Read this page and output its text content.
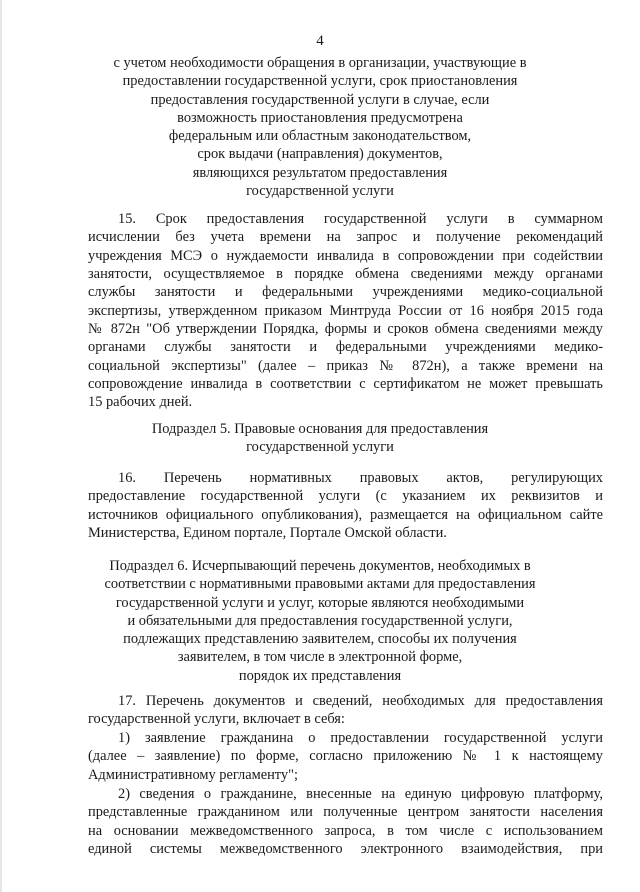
4
с учетом необходимости обращения в организации, участвующие в
предоставлении государственной услуги, срок приостановления
предоставления государственной услуги в случае, если
возможность приостановления предусмотрена
федеральным или областным законодательством,
срок выдачи (направления) документов,
являющихся результатом предоставления
государственной услуги
15. Срок предоставления государственной услуги в суммарном
исчислении без учета времени на запрос и получение рекомендаций
учреждения МСЭ о нуждаемости инвалида в сопровождении при содействии
занятости, осуществляемое в порядке обмена сведениями между органами
службы занятости и федеральными учреждениями медико-социальной
экспертизы, утвержденном приказом Минтруда России от 16 ноября 2015 года
№ 872н "Об утверждении Порядка, формы и сроков обмена сведениями между
органами службы занятости и федеральными учреждениями медико-
социальной экспертизы" (далее – приказ № 872н), а также времени на
сопровождение инвалида в соответствии с сертификатом не может превышать
15 рабочих дней.
Подраздел 5. Правовые основания для предоставления
государственной услуги
16. Перечень нормативных правовых актов, регулирующих
предоставление государственной услуги (с указанием их реквизитов и
источников официального опубликования), размещается на официальном сайте
Министерства, Едином портале, Портале Омской области.
Подраздел 6. Исчерпывающий перечень документов, необходимых в
соответствии с нормативными правовыми актами для предоставления
государственной услуги и услуг, которые являются необходимыми
и обязательными для предоставления государственной услуги,
подлежащих представлению заявителем, способы их получения
заявителем, в том числе в электронной форме,
порядок их представления
17. Перечень документов и сведений, необходимых для предоставления
государственной услуги, включает в себя:
1) заявление гражданина о предоставлении государственной услуги
(далее – заявление) по форме, согласно приложению № 1 к настоящему
Административному регламенту";
2) сведения о гражданине, внесенные на единую цифровую платформу,
представленные гражданином или полученные центром занятости населения
на основании межведомственного запроса, в том числе с использованием
единой системы межведомственного электронного взаимодействия, при
